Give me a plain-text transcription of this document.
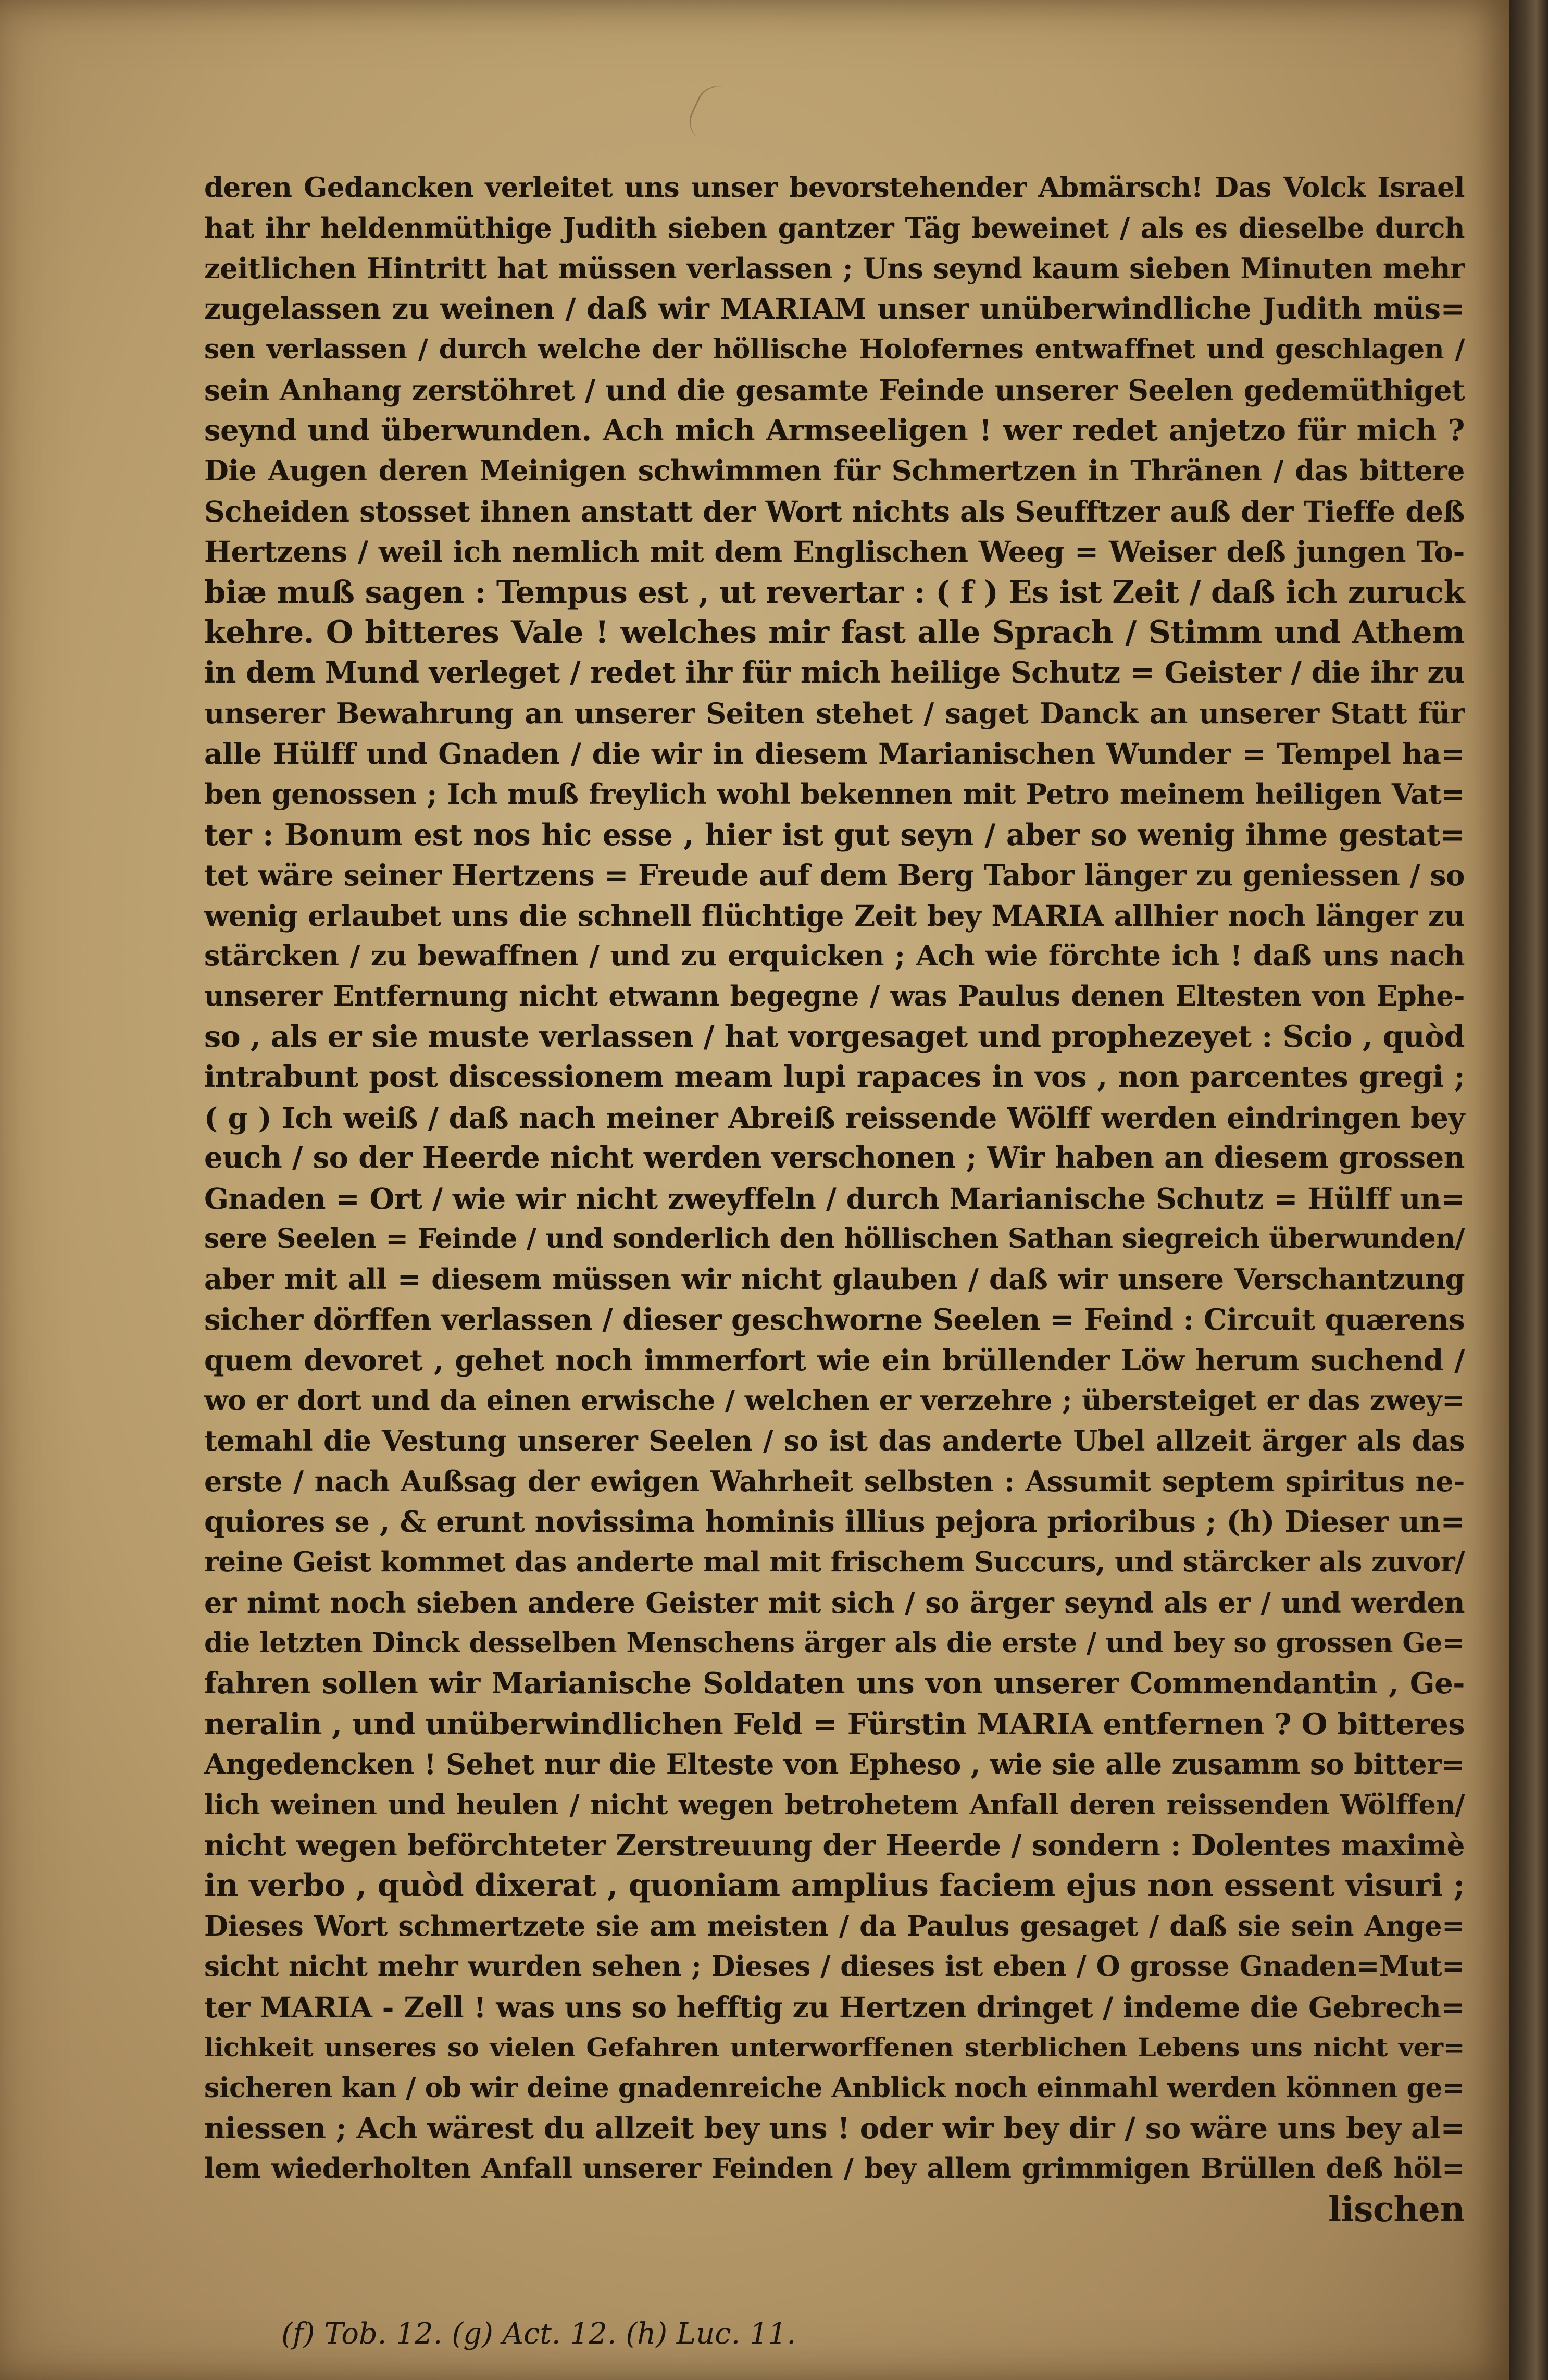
deren Gedancken verleitet uns unser bevorstehender Abmärsch! Das Volck Israel
hat ihr heldenmüthige Judith sieben gantzer Täg beweinet / als es dieselbe durch
zeitlichen Hintritt hat müssen verlassen ; Uns seynd kaum sieben Minuten mehr
zugelassen zu weinen / daß wir MARIAM unser unüberwindliche Judith müs=
sen verlassen / durch welche der höllische Holofernes entwaffnet und geschlagen /
sein Anhang zerstöhret / und die gesamte Feinde unserer Seelen gedemüthiget
seynd und überwunden. Ach mich Armseeligen ! wer redet anjetzo für mich ?
Die Augen deren Meinigen schwimmen für Schmertzen in Thränen / das bittere
Scheiden stosset ihnen anstatt der Wort nichts als Seufftzer auß der Tieffe deß
Hertzens / weil ich nemlich mit dem Englischen Weeg = Weiser deß jungen To-
biæ muß sagen : Tempus est , ut revertar : ( f ) Es ist Zeit / daß ich zuruck
kehre. O bitteres Vale ! welches mir fast alle Sprach / Stimm und Athem
in dem Mund verleget / redet ihr für mich heilige Schutz = Geister / die ihr zu
unserer Bewahrung an unserer Seiten stehet / saget Danck an unserer Statt für
alle Hülff und Gnaden / die wir in diesem Marianischen Wunder = Tempel ha=
ben genossen ; Ich muß freylich wohl bekennen mit Petro meinem heiligen Vat=
ter : Bonum est nos hic esse , hier ist gut seyn / aber so wenig ihme gestat=
tet wäre seiner Hertzens = Freude auf dem Berg Tabor länger zu geniessen / so
wenig erlaubet uns die schnell flüchtige Zeit bey MARIA allhier noch länger zu
stärcken / zu bewaffnen / und zu erquicken ; Ach wie förchte ich ! daß uns nach
unserer Entfernung nicht etwann begegne / was Paulus denen Eltesten von Ephe-
so , als er sie muste verlassen / hat vorgesaget und prophezeyet : Scio , quòd
intrabunt post discessionem meam lupi rapaces in vos , non parcentes gregi ;
( g ) Ich weiß / daß nach meiner Abreiß reissende Wölff werden eindringen bey
euch / so der Heerde nicht werden verschonen ; Wir haben an diesem grossen
Gnaden = Ort / wie wir nicht zweyffeln / durch Marianische Schutz = Hülff un=
sere Seelen = Feinde / und sonderlich den höllischen Sathan siegreich überwunden/
aber mit all = diesem müssen wir nicht glauben / daß wir unsere Verschantzung
sicher dörffen verlassen / dieser geschworne Seelen = Feind : Circuit quærens
quem devoret , gehet noch immerfort wie ein brüllender Löw herum suchend /
wo er dort und da einen erwische / welchen er verzehre ; übersteiget er das zwey=
temahl die Vestung unserer Seelen / so ist das anderte Ubel allzeit ärger als das
erste / nach Außsag der ewigen Wahrheit selbsten : Assumit septem spiritus ne-
quiores se , & erunt novissima hominis illius pejora prioribus ; (h) Dieser un=
reine Geist kommet das anderte mal mit frischem Succurs, und stärcker als zuvor/
er nimt noch sieben andere Geister mit sich / so ärger seynd als er / und werden
die letzten Dinck desselben Menschens ärger als die erste / und bey so grossen Ge=
fahren sollen wir Marianische Soldaten uns von unserer Commendantin , Ge-
neralin , und unüberwindlichen Feld = Fürstin MARIA entfernen ? O bitteres
Angedencken ! Sehet nur die Elteste von Epheso , wie sie alle zusamm so bitter=
lich weinen und heulen / nicht wegen betrohetem Anfall deren reissenden Wölffen/
nicht wegen beförchteter Zerstreuung der Heerde / sondern : Dolentes maximè
in verbo , quòd dixerat , quoniam amplius faciem ejus non essent visuri ;
Dieses Wort schmertzete sie am meisten / da Paulus gesaget / daß sie sein Ange=
sicht nicht mehr wurden sehen ; Dieses / dieses ist eben / O grosse Gnaden=Mut=
ter MARIA - Zell ! was uns so hefftig zu Hertzen dringet / indeme die Gebrech=
lichkeit unseres so vielen Gefahren unterworffenen sterblichen Lebens uns nicht ver=
sicheren kan / ob wir deine gnadenreiche Anblick noch einmahl werden können ge=
niessen ; Ach wärest du allzeit bey uns ! oder wir bey dir / so wäre uns bey al=
lem wiederholten Anfall unserer Feinden / bey allem grimmigen Brüllen deß höl=
lischen
(f) Tob. 12. (g) Act. 12. (h) Luc. 11.
